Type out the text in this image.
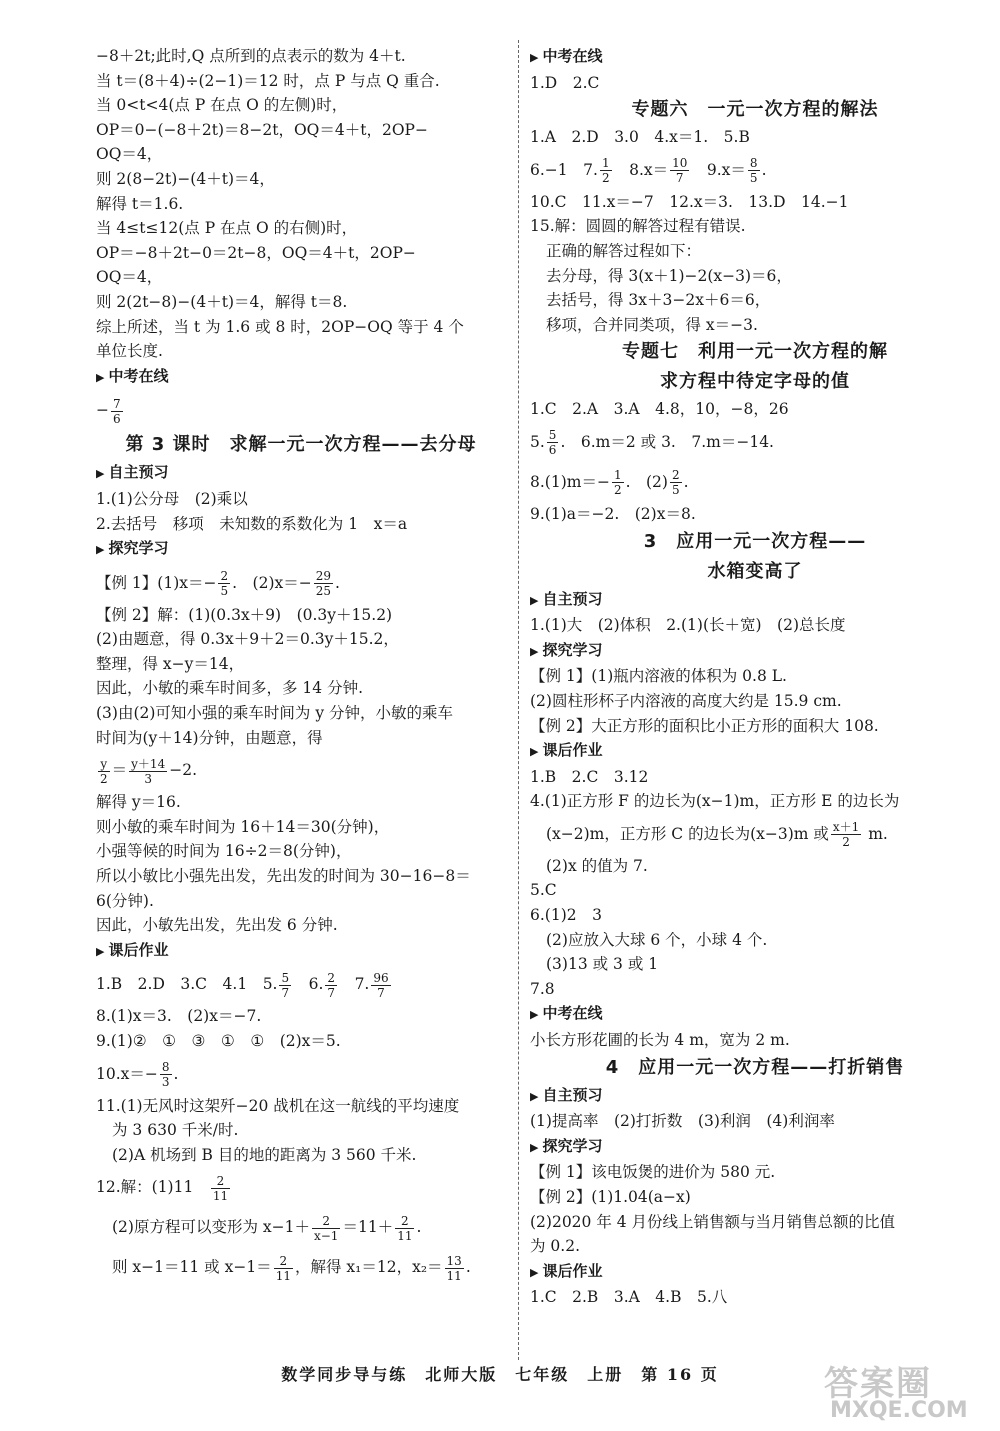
−8＋2t;此时,Q 点所到的点表示的数为 4＋t.
当 t＝(8＋4)÷(2−1)＝12 时，点 P 与点 Q 重合.
当 0<t<4(点 P 在点 O 的左侧)时，
OP＝0−(−8＋2t)＝8−2t，OQ＝4＋t，2OP−
OQ＝4，
则 2(8−2t)−(4＋t)＝4，
解得 t＝1.6.
当 4≤t≤12(点 P 在点 O 的右侧)时，
OP＝−8＋2t−0＝2t−8，OQ＝4＋t，2OP−
OQ＝4，
则 2(2t−8)−(4＋t)＝4，解得 t＝8.
综上所述，当 t 为 1.6 或 8 时，2OP−OQ 等于 4 个
单位长度.
▶ 中考在线
− $\frac{7}{6}$
第 3 课时　求解一元一次方程——去分母
▶ 自主预习
1.(1)公分母　(2)乘以
2.去括号　移项　未知数的系数化为 1　x＝a
▶ 探究学习
【例 1】$(1)x=- \frac{2}{5}$ .　$(2)x=- \frac{29}{25}$ .
【例 2】解：(1)(0.3x＋9)　(0.3y＋15.2)
(2)由题意，得 0.3x＋9＋2＝0.3y＋15.2，
整理，得 x−y＝14，
因此，小敏的乘车时间多，多 14 分钟.
(3)由(2)可知小强的乘车时间为 y 分钟，小敏的乘车
时间为(y＋14)分钟，由题意，得
$\frac{y}{2} = \frac{y+14}{3} -2$.
解得 y＝16.
则小敏的乘车时间为 16＋14＝30(分钟)，
小强等候的时间为 16÷2＝8(分钟)，
所以小敏比小强先出发，先出发的时间为 30−16−8＝
6(分钟).
因此，小敏先出发，先出发 6 分钟.
▶ 课后作业
1.B　2.D　3.C　4.1　5. $\frac{5}{7}$ 　6. $\frac{2}{7}$ 　7. $\frac{96}{7}$
8.(1)x＝3.　(2)x＝−7.
9.(1)②　①　③　①　①　(2)x＝5.
$10.x=- \frac{8}{3}$ .
11.(1)无风时这架歼−20 战机在这一航线的平均速度
为 3 630 千米/时.
(2)A 机场到 B 目的地的距离为 3 560 千米.
12.解：(1)11　 $\frac{2}{11}$
(2)原方程可以变形为 $x-1+ \frac{2}{x-1} =11+ \frac{2}{11}$ .
则 x−1＝11 或 $x-1= \frac{2}{11}$ ，解得 x₁＝12，$x_2= \frac{13}{11}$ .
▶ 中考在线
1.D　2.C
专题六　一元一次方程的解法
1.A　2.D　3.0　4.x＝1.　5.B
6.−1　7. $\frac{1}{2}$ 　$8.x= \frac{10}{7}$ 　$9.x= \frac{8}{5}$ .
10.C　11.x＝−7　12.x＝3.　13.D　14.−1
15.解：圆圆的解答过程有错误.
正确的解答过程如下：
去分母，得 3(x＋1)−2(x−3)＝6，
去括号，得 3x＋3−2x＋6＝6，
移项，合并同类项，得 x＝−3.
专题七　利用一元一次方程的解
求方程中待定字母的值
1.C　2.A　3.A　4.8，10，−8，26
5. $\frac{5}{6}$ .　6.m＝2 或 3.　7.m＝−14.
$8.(1)m=- \frac{1}{2}$ .　$(2) \frac{2}{5}$ .
9.(1)a＝−2.　(2)x＝8.
3　应用一元一次方程——
水箱变高了
▶ 自主预习
1.(1)大　(2)体积　2.(1)(长＋宽)　(2)总长度
▶ 探究学习
【例 1】(1)瓶内溶液的体积为 0.8 L.
(2)圆柱形杯子内溶液的高度大约是 15.9 cm.
【例 2】大正方形的面积比小正方形的面积大 108.
▶ 课后作业
1.B　2.C　3.12
4.(1)正方形 F 的边长为(x−1)m，正方形 E 的边长为
(x−2)m，正方形 C 的边长为(x−3)m 或 $\frac{x+1}{2} m$.
(2)x 的值为 7.
5.C
6.(1)2　3
(2)应放入大球 6 个，小球 4 个.
(3)13 或 3 或 1
7.8
▶ 中考在线
小长方形花圃的长为 4 m，宽为 2 m.
4　应用一元一次方程——打折销售
▶ 自主预习
(1)提高率　(2)打折数　(3)利润　(4)利润率
▶ 探究学习
【例 1】该电饭煲的进价为 580 元.
【例 2】(1)1.04(a−x)
(2)2020 年 4 月份线上销售额与当月销售总额的比值
为 0.2.
▶ 课后作业
1.C　2.B　3.A　4.B　5.八
数学同步导与练　北师大版　七年级　上册　第 16 页	答案圈
MXQE.COM
